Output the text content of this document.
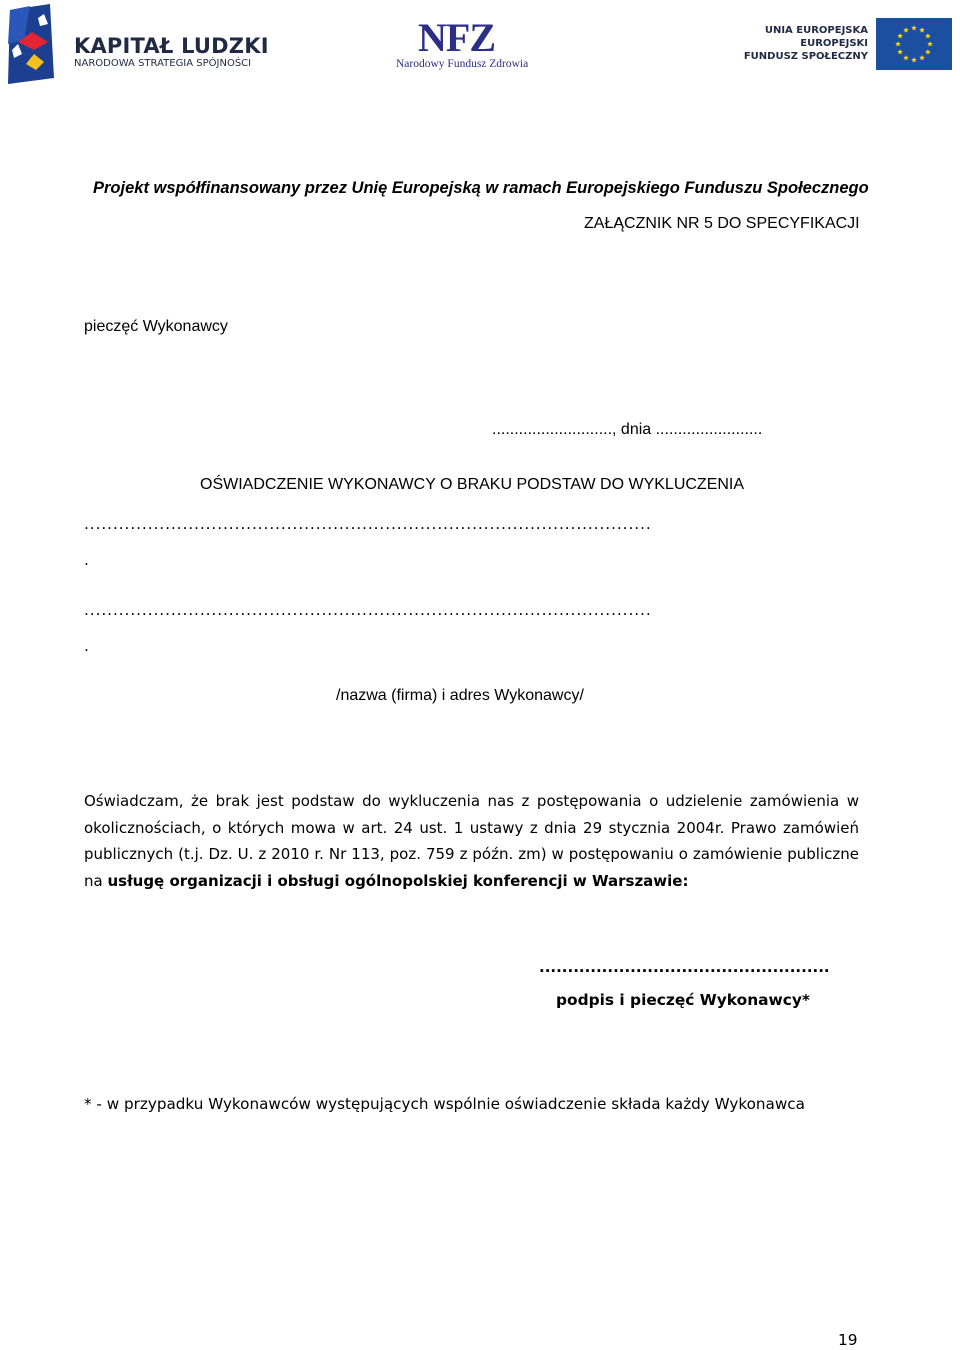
KAPITAŁ LUDZKI
NARODOWA STRATEGIA SPÓJNOŚCI
NFZ
Narodowy Fundusz Zdrowia
UNIA EUROPEJSKA
EUROPEJSKI
FUNDUSZ SPOŁECZNY
Projekt współfinansowany przez Unię Europejską w ramach Europejskiego Funduszu Społecznego
ZAŁĄCZNIK NR 5 DO SPECYFIKACJI
pieczęć Wykonawcy
..........................., dnia ........................
OŚWIADCZENIE WYKONAWCY O BRAKU PODSTAW DO WYKLUCZENIA
..................................................................................................
.
..................................................................................................
.
/nazwa (firma) i adres Wykonawcy/
Oświadczam, że brak jest podstaw do wykluczenia nas z postępowania o udzielenie zamówienia w okolicznościach, o których mowa w art. 24 ust. 1 ustawy z dnia 29 stycznia 2004r. Prawo zamówień publicznych (t.j. Dz. U. z 2010 r. Nr 113, poz. 759 z późn. zm) w postępowaniu o zamówienie publiczne na usługę organizacji i obsługi ogólnopolskiej konferencji w Warszawie:
...................................................
podpis i pieczęć Wykonawcy*
* - w przypadku Wykonawców występujących wspólnie oświadczenie składa każdy Wykonawca
19
